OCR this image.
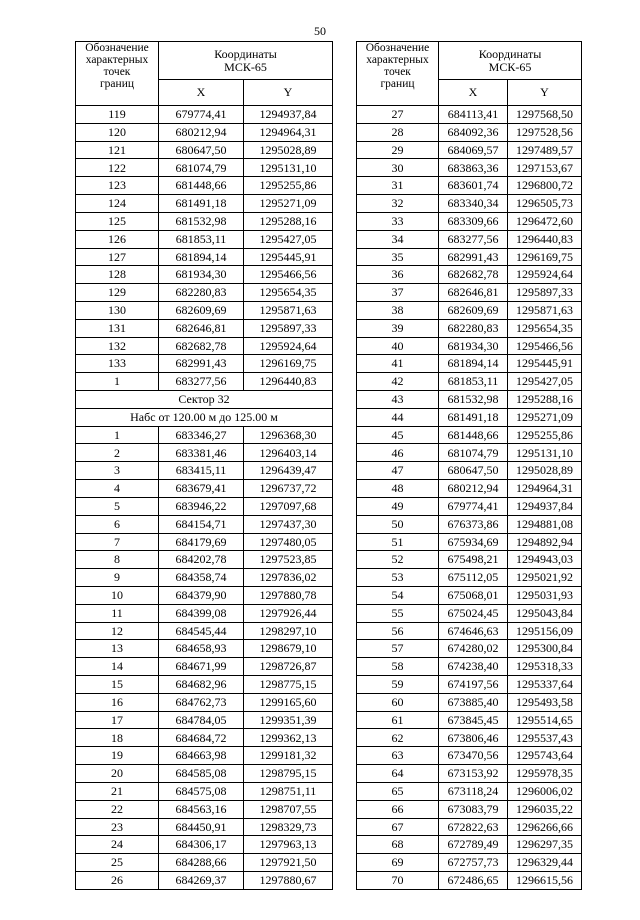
50
Обозначение
характерных
точек
границ	Координаты
МСК-65	
	X	Y
119	679774,41	1294937,84
120	680212,94	1294964,31
121	680647,50	1295028,89
122	681074,79	1295131,10
123	681448,66	1295255,86
124	681491,18	1295271,09
125	681532,98	1295288,16
126	681853,11	1295427,05
127	681894,14	1295445,91
128	681934,30	1295466,56
129	682280,83	1295654,35
130	682609,69	1295871,63
131	682646,81	1295897,33
132	682682,78	1295924,64
133	682991,43	1296169,75
1	683277,56	1296440,83
Сектор 32		
Набс от 120.00 м до 125.00 м		
1	683346,27	1296368,30
2	683381,46	1296403,14
3	683415,11	1296439,47
4	683679,41	1296737,72
5	683946,22	1297097,68
6	684154,71	1297437,30
7	684179,69	1297480,05
8	684202,78	1297523,85
9	684358,74	1297836,02
10	684379,90	1297880,78
11	684399,08	1297926,44
12	684545,44	1298297,10
13	684658,93	1298679,10
14	684671,99	1298726,87
15	684682,96	1298775,15
16	684762,73	1299165,60
17	684784,05	1299351,39
18	684684,72	1299362,13
19	684663,98	1299181,32
20	684585,08	1298795,15
21	684575,08	1298751,11
22	684563,16	1298707,55
23	684450,91	1298329,73
24	684306,17	1297963,13
25	684288,66	1297921,50
26	684269,37	1297880,67
Обозначение
характерных
точек
границ	Координаты
МСК-65	
	X	Y
27	684113,41	1297568,50
28	684092,36	1297528,56
29	684069,57	1297489,57
30	683863,36	1297153,67
31	683601,74	1296800,72
32	683340,34	1296505,73
33	683309,66	1296472,60
34	683277,56	1296440,83
35	682991,43	1296169,75
36	682682,78	1295924,64
37	682646,81	1295897,33
38	682609,69	1295871,63
39	682280,83	1295654,35
40	681934,30	1295466,56
41	681894,14	1295445,91
42	681853,11	1295427,05
43	681532,98	1295288,16
44	681491,18	1295271,09
45	681448,66	1295255,86
46	681074,79	1295131,10
47	680647,50	1295028,89
48	680212,94	1294964,31
49	679774,41	1294937,84
50	676373,86	1294881,08
51	675934,69	1294892,94
52	675498,21	1294943,03
53	675112,05	1295021,92
54	675068,01	1295031,93
55	675024,45	1295043,84
56	674646,63	1295156,09
57	674280,02	1295300,84
58	674238,40	1295318,33
59	674197,56	1295337,64
60	673885,40	1295493,58
61	673845,45	1295514,65
62	673806,46	1295537,43
63	673470,56	1295743,64
64	673153,92	1295978,35
65	673118,24	1296006,02
66	673083,79	1296035,22
67	672822,63	1296266,66
68	672789,49	1296297,35
69	672757,73	1296329,44
70	672486,65	1296615,56
